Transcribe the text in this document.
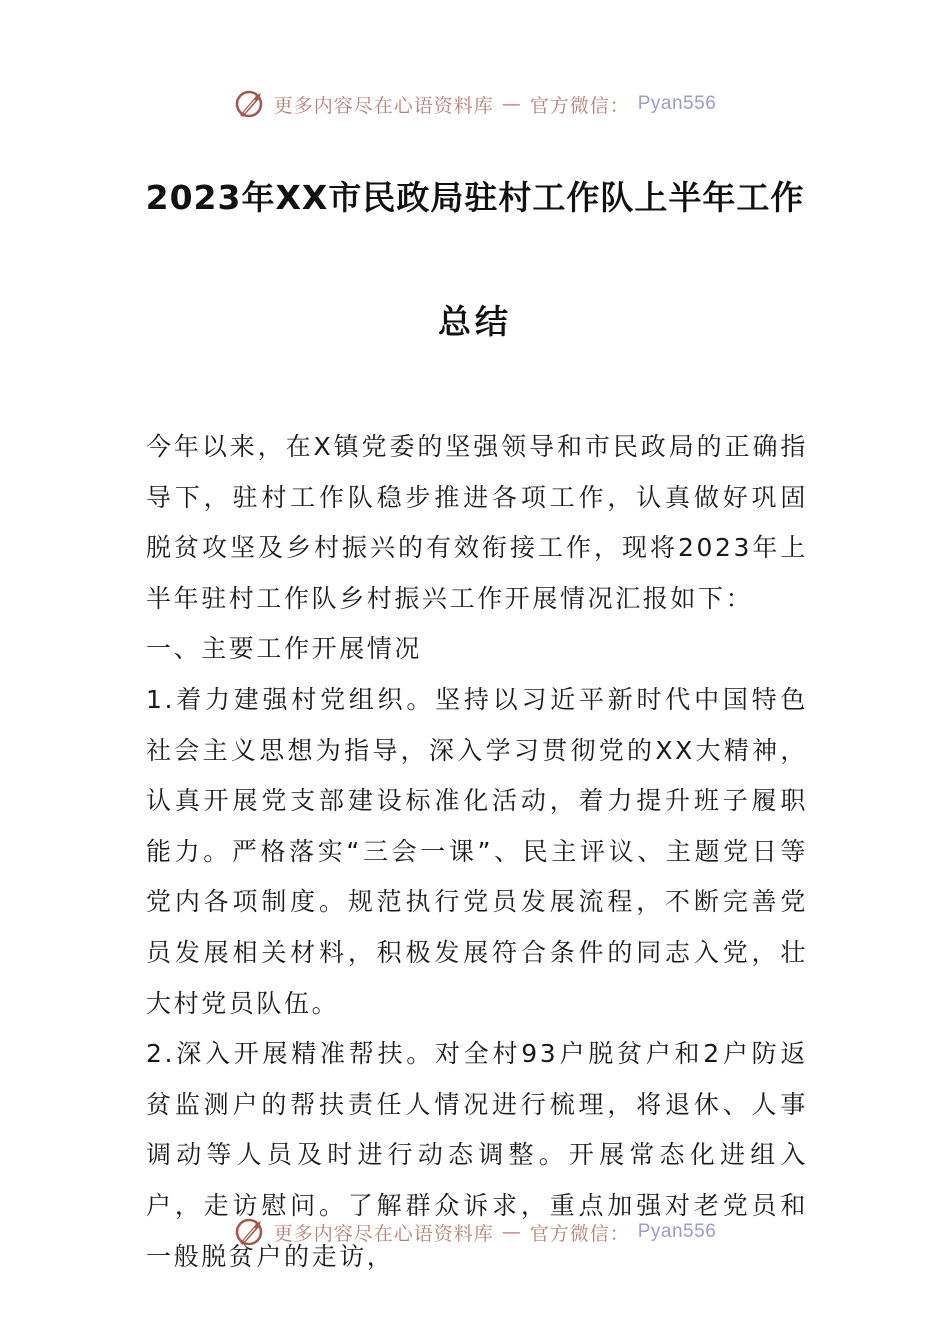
更多内容尽在心语资料库 — 官方微信： Pyan556
2023年XX市民政局驻村工作队上半年工作
总结

今年以来，在X镇党委的坚强领导和市民政局的正确指导下，驻村工作队稳步推进各项工作，认真做好巩固脱贫攻坚及乡村振兴的有效衔接工作，现将2023年上半年驻村工作队乡村振兴工作开展情况汇报如下：

一、主要工作开展情况

1.着力建强村党组织。坚持以习近平新时代中国特色社会主义思想为指导，深入学习贯彻党的XX大精神，认真开展党支部建设标准化活动，着力提升班子履职能力。严格落实“三会一课”、民主评议、主题党日等党内各项制度。规范执行党员发展流程，不断完善党员发展相关材料，积极发展符合条件的同志入党，壮大村党员队伍。

2.深入开展精准帮扶。对全村93户脱贫户和2户防返贫监测户的帮扶责任人情况进行梳理，将退休、人事调动等人员及时进行动态调整。开展常态化进组入户，走访慰问。了解群众诉求，重点加强对老党员和一般脱贫户的走访，

更多内容尽在心语资料库 — 官方微信： Pyan556
